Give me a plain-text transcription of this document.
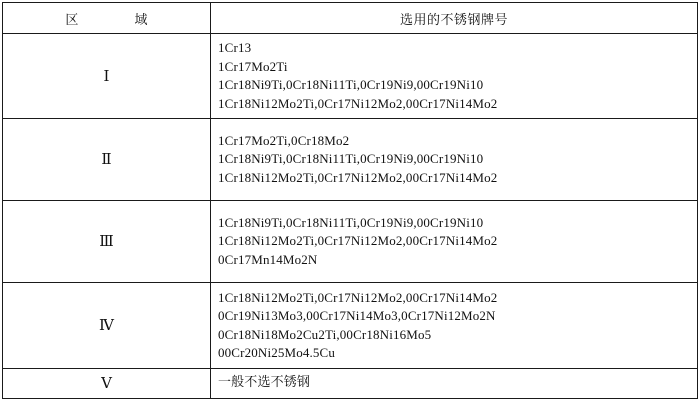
区 域	选用的不锈钢牌号
Ⅰ	1Cr13
1Cr17Mo2Ti
1Cr18Ni9Ti,0Cr18Ni11Ti,0Cr19Ni9,00Cr19Ni10
1Cr18Ni12Mo2Ti,0Cr17Ni12Mo2,00Cr17Ni14Mo2

Ⅱ	1Cr17Mo2Ti,0Cr18Mo2
1Cr18Ni9Ti,0Cr18Ni11Ti,0Cr19Ni9,00Cr19Ni10
1Cr18Ni12Mo2Ti,0Cr17Ni12Mo2,00Cr17Ni14Mo2

Ⅲ	1Cr18Ni9Ti,0Cr18Ni11Ti,0Cr19Ni9,00Cr19Ni10
1Cr18Ni12Mo2Ti,0Cr17Ni12Mo2,00Cr17Ni14Mo2
0Cr17Mn14Mo2N

Ⅳ	1Cr18Ni12Mo2Ti,0Cr17Ni12Mo2,00Cr17Ni14Mo2
0Cr19Ni13Mo3,00Cr17Ni14Mo3,0Cr17Ni12Mo2N
0Cr18Ni18Mo2Cu2Ti,00Cr18Ni16Mo5
00Cr20Ni25Mo4.5Cu

Ⅴ	一般不选不锈钢
